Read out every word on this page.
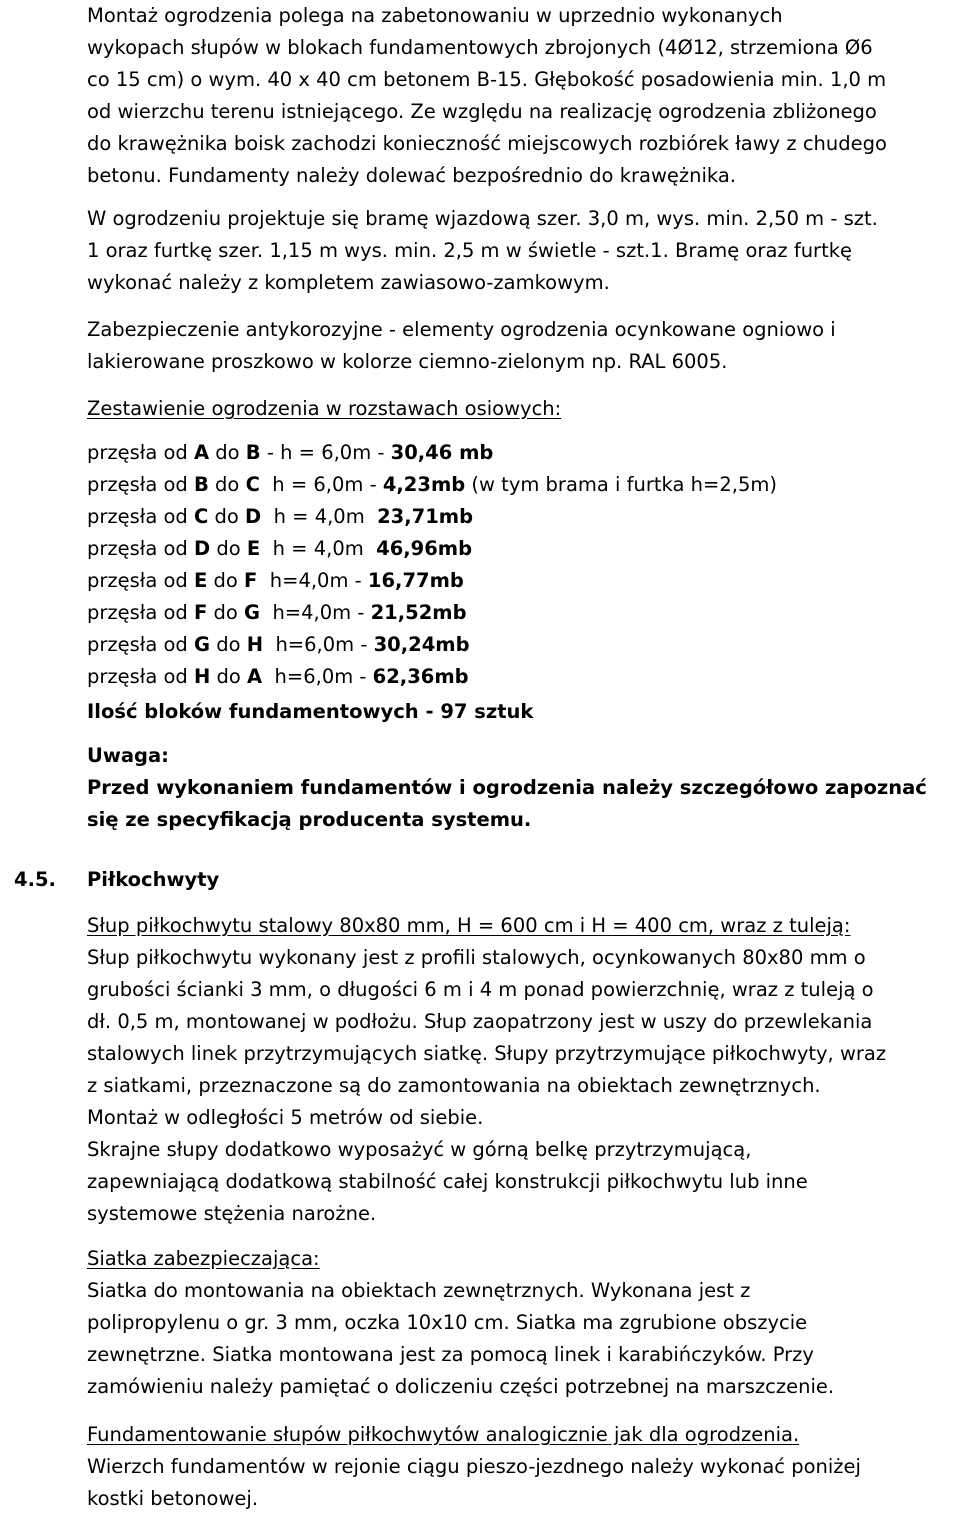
Montaż ogrodzenia polega na zabetonowaniu w uprzednio wykonanych
wykopach słupów w blokach fundamentowych zbrojonych (4Ø12, strzemiona Ø6
co 15 cm) o wym. 40 x 40 cm betonem B-15. Głębokość posadowienia min. 1,0 m
od wierzchu terenu istniejącego. Ze względu na realizację ogrodzenia zbliżonego
do krawężnika boisk zachodzi konieczność miejscowych rozbiórek ławy z chudego
betonu. Fundamenty należy dolewać bezpośrednio do krawężnika.
W ogrodzeniu projektuje się bramę wjazdową szer. 3,0 m, wys. min. 2,50 m - szt.
1 oraz furtkę szer. 1,15 m wys. min. 2,5 m w świetle - szt.1. Bramę oraz furtkę
wykonać należy z kompletem zawiasowo-zamkowym.
Zabezpieczenie antykorozyjne - elementy ogrodzenia ocynkowane ogniowo i
lakierowane proszkowo w kolorze ciemno-zielonym np. RAL 6005.
Zestawienie ogrodzenia w rozstawach osiowych:
przęsła od A do B - h = 6,0m - 30,46 mb
przęsła od B do C  h = 6,0m - 4,23mb (w tym brama i furtka h=2,5m)
przęsła od C do D  h = 4,0m  23,71mb
przęsła od D do E  h = 4,0m  46,96mb
przęsła od E do F  h=4,0m - 16,77mb
przęsła od F do G  h=4,0m - 21,52mb
przęsła od G do H  h=6,0m - 30,24mb
przęsła od H do A  h=6,0m - 62,36mb
Ilość bloków fundamentowych - 97 sztuk
Uwaga:
Przed wykonaniem fundamentów i ogrodzenia należy szczegółowo zapoznać
się ze specyfikacją producenta systemu.
4.5. Piłkochwyty
Słup piłkochwytu stalowy 80x80 mm, H = 600 cm i H = 400 cm, wraz z tuleją:
Słup piłkochwytu wykonany jest z profili stalowych, ocynkowanych 80x80 mm o
grubości ścianki 3 mm, o długości 6 m i 4 m ponad powierzchnię, wraz z tuleją o
dł. 0,5 m, montowanej w podłożu. Słup zaopatrzony jest w uszy do przewlekania
stalowych linek przytrzymujących siatkę. Słupy przytrzymujące piłkochwyty, wraz
z siatkami, przeznaczone są do zamontowania na obiektach zewnętrznych.
Montaż w odległości 5 metrów od siebie.
Skrajne słupy dodatkowo wyposażyć w górną belkę przytrzymującą,
zapewniającą dodatkową stabilność całej konstrukcji piłkochwytu lub inne
systemowe stężenia narożne.
Siatka zabezpieczająca:
Siatka do montowania na obiektach zewnętrznych. Wykonana jest z
polipropylenu o gr. 3 mm, oczka 10x10 cm. Siatka ma zgrubione obszycie
zewnętrzne. Siatka montowana jest za pomocą linek i karabińczyków. Przy
zamówieniu należy pamiętać o doliczeniu części potrzebnej na marszczenie.
Fundamentowanie słupów piłkochwytów analogicznie jak dla ogrodzenia.
Wierzch fundamentów w rejonie ciągu pieszo-jezdnego należy wykonać poniżej
kostki betonowej.
